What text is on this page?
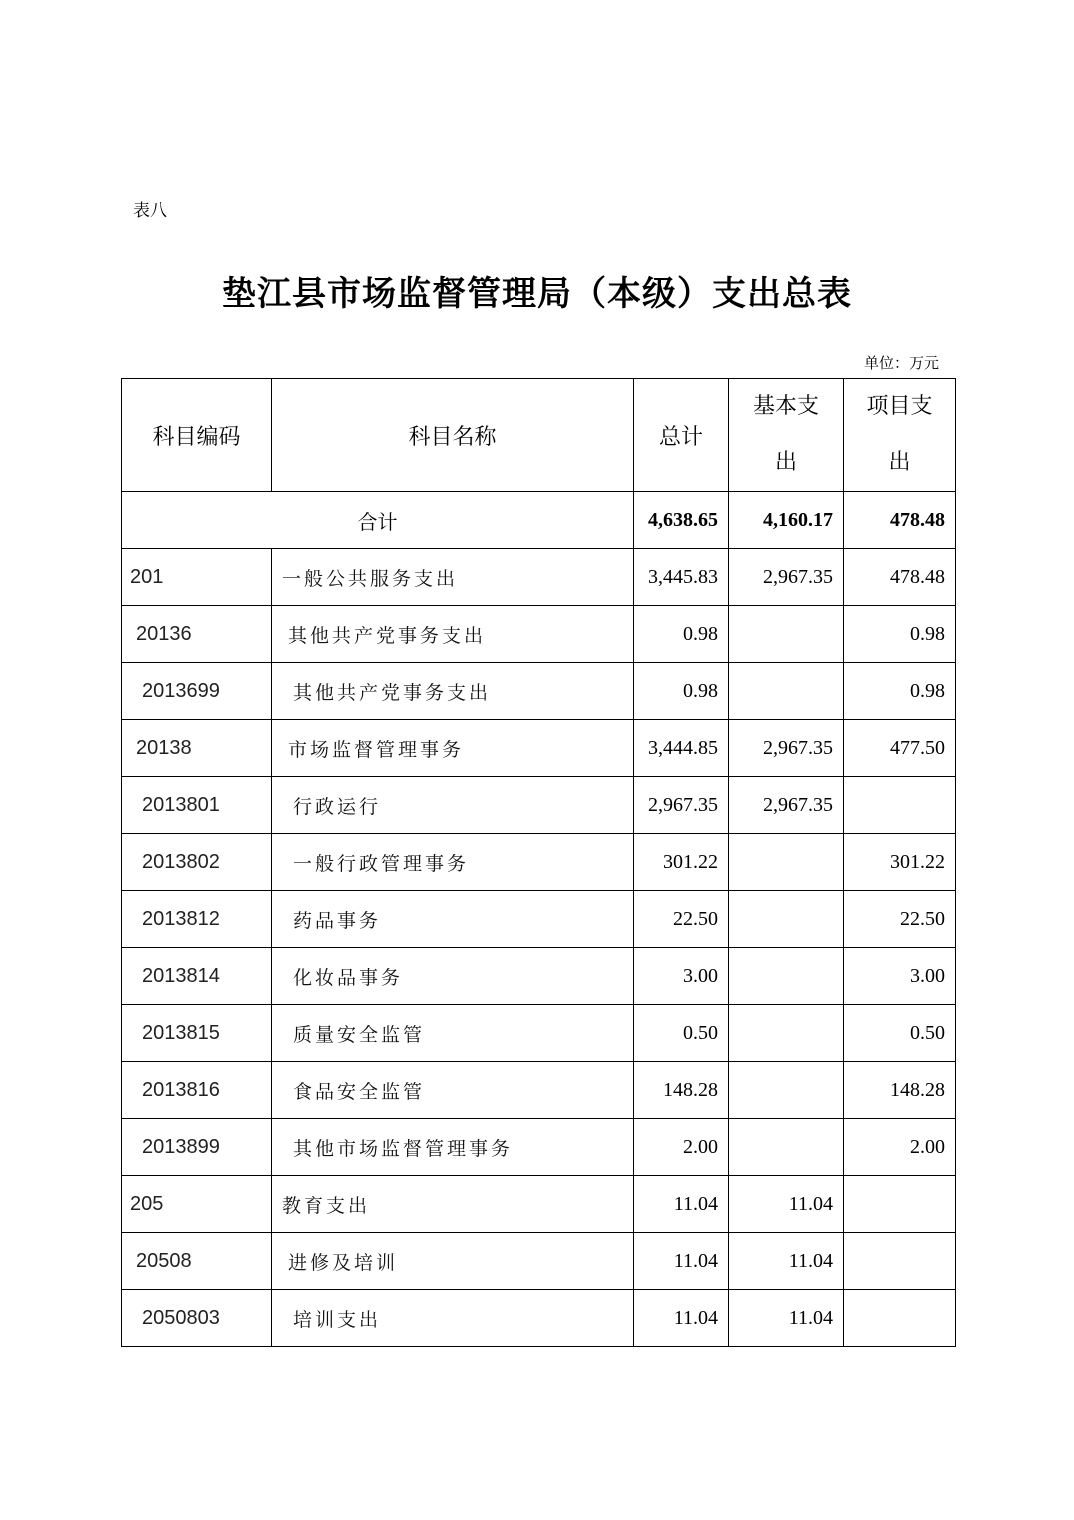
表八
垫江县市场监督管理局（本级）支出总表
单位：万元
科目编码	科目名称	总计	基本支出	项目支出
合计		4,638.65	4,160.17	478.48
201	一般公共服务支出	3,445.83	2,967.35	478.48
20136	其他共产党事务支出	0.98		0.98
2013699	其他共产党事务支出	0.98		0.98
20138	市场监督管理事务	3,444.85	2,967.35	477.50
2013801	行政运行	2,967.35	2,967.35	
2013802	一般行政管理事务	301.22		301.22
2013812	药品事务	22.50		22.50
2013814	化妆品事务	3.00		3.00
2013815	质量安全监管	0.50		0.50
2013816	食品安全监管	148.28		148.28
2013899	其他市场监督管理事务	2.00		2.00
205	教育支出	11.04	11.04	
20508	进修及培训	11.04	11.04	
2050803	培训支出	11.04	11.04	
